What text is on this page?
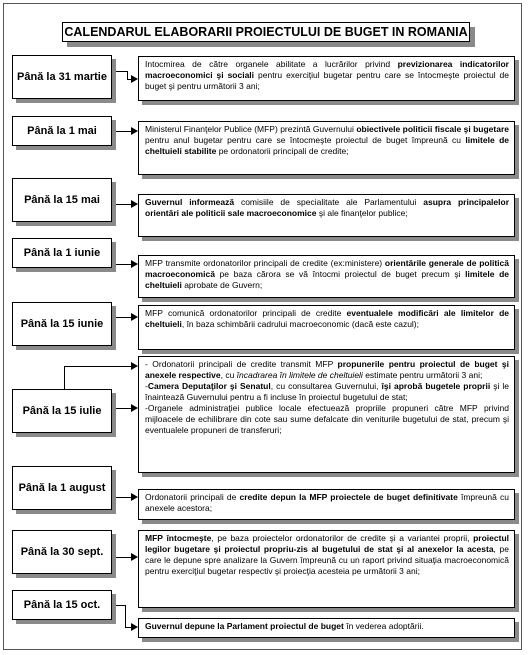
CALENDARUL ELABORARII PROIECTULUI DE BUGET IN ROMANIA
Până la 31 martie
Până la 1 mai
Până la 15 mai
Până la 1 iunie
Până la 15 iunie
Până la 15 iulie
Până la 1 august
Până la 30 sept.
Până la 15 oct.
Intocmirea de către organele abilitate a lucrărilor privind previzionarea indicatorilor macroeconomici şi sociali pentru exerciţiul bugetar pentru care se întocmeşte proiectul de buget şi pentru următorii 3 ani;
Ministerul Finanţelor Publice (MFP) prezintă Guvernului obiectivele politicii fiscale şi bugetare pentru anul bugetar pentru care se întocmeşte proiectul de buget împreună cu limitele de cheltuieli stabilite pe ordonatorii principali de credite;
Guvernul informează comisiile de specialitate ale Parlamentului asupra principalelor orientări ale politicii sale macroeconomice şi ale finanţelor publice;
MFP transmite ordonatorilor principali de credite (ex:ministere) orientările generale de politică macroeconomică pe baza cărora se vă întocmi proiectul de buget precum şi limitele de cheltuieli aprobate de Guvern;
MFP comunică ordonatorilor principali de credite eventualele modificări ale limitelor de cheltuieli, în baza schimbării cadrului macroeconomic (dacă este cazul);

- Ordonatorii principali de credite transmit MFP propunerile pentru proiectul de buget şi anexele respective, cu încadrarea în limitele de cheltuieli estimate pentru următorii 3 ani;

-Camera Deputaţilor şi Senatul, cu consultarea Guvernului, îşi aprobă bugetele proprii şi le înaintează Guvernului pentru a fi incluse în proiectul bugetului de stat;

-Organele administraţiei publice locale efectuează propriile propuneri către MFP privind mijloacele de echilibrare din cote sau sume defalcate din veniturile bugetului de stat, precum şi eventualele propuneri de transferuri;

Ordonatorii principali de credite depun la MFP proiectele de buget definitivate împreună cu anexele acestora;
MFP întocmeşte, pe baza proiectelor ordonatorilor de credite şi a variantei proprii, proiectul legilor bugetare şi proiectul propriu-zis al bugetului de stat şi al anexelor la acesta, pe care le depune spre analizare la Guvern împreună cu un raport privind situaţia macroeconomică pentru exerciţiul bugetar respectiv şi proiecţia acesteia pe următorii 3 ani;
Guvernul depune la Parlament proiectul de buget în vederea adoptării.
